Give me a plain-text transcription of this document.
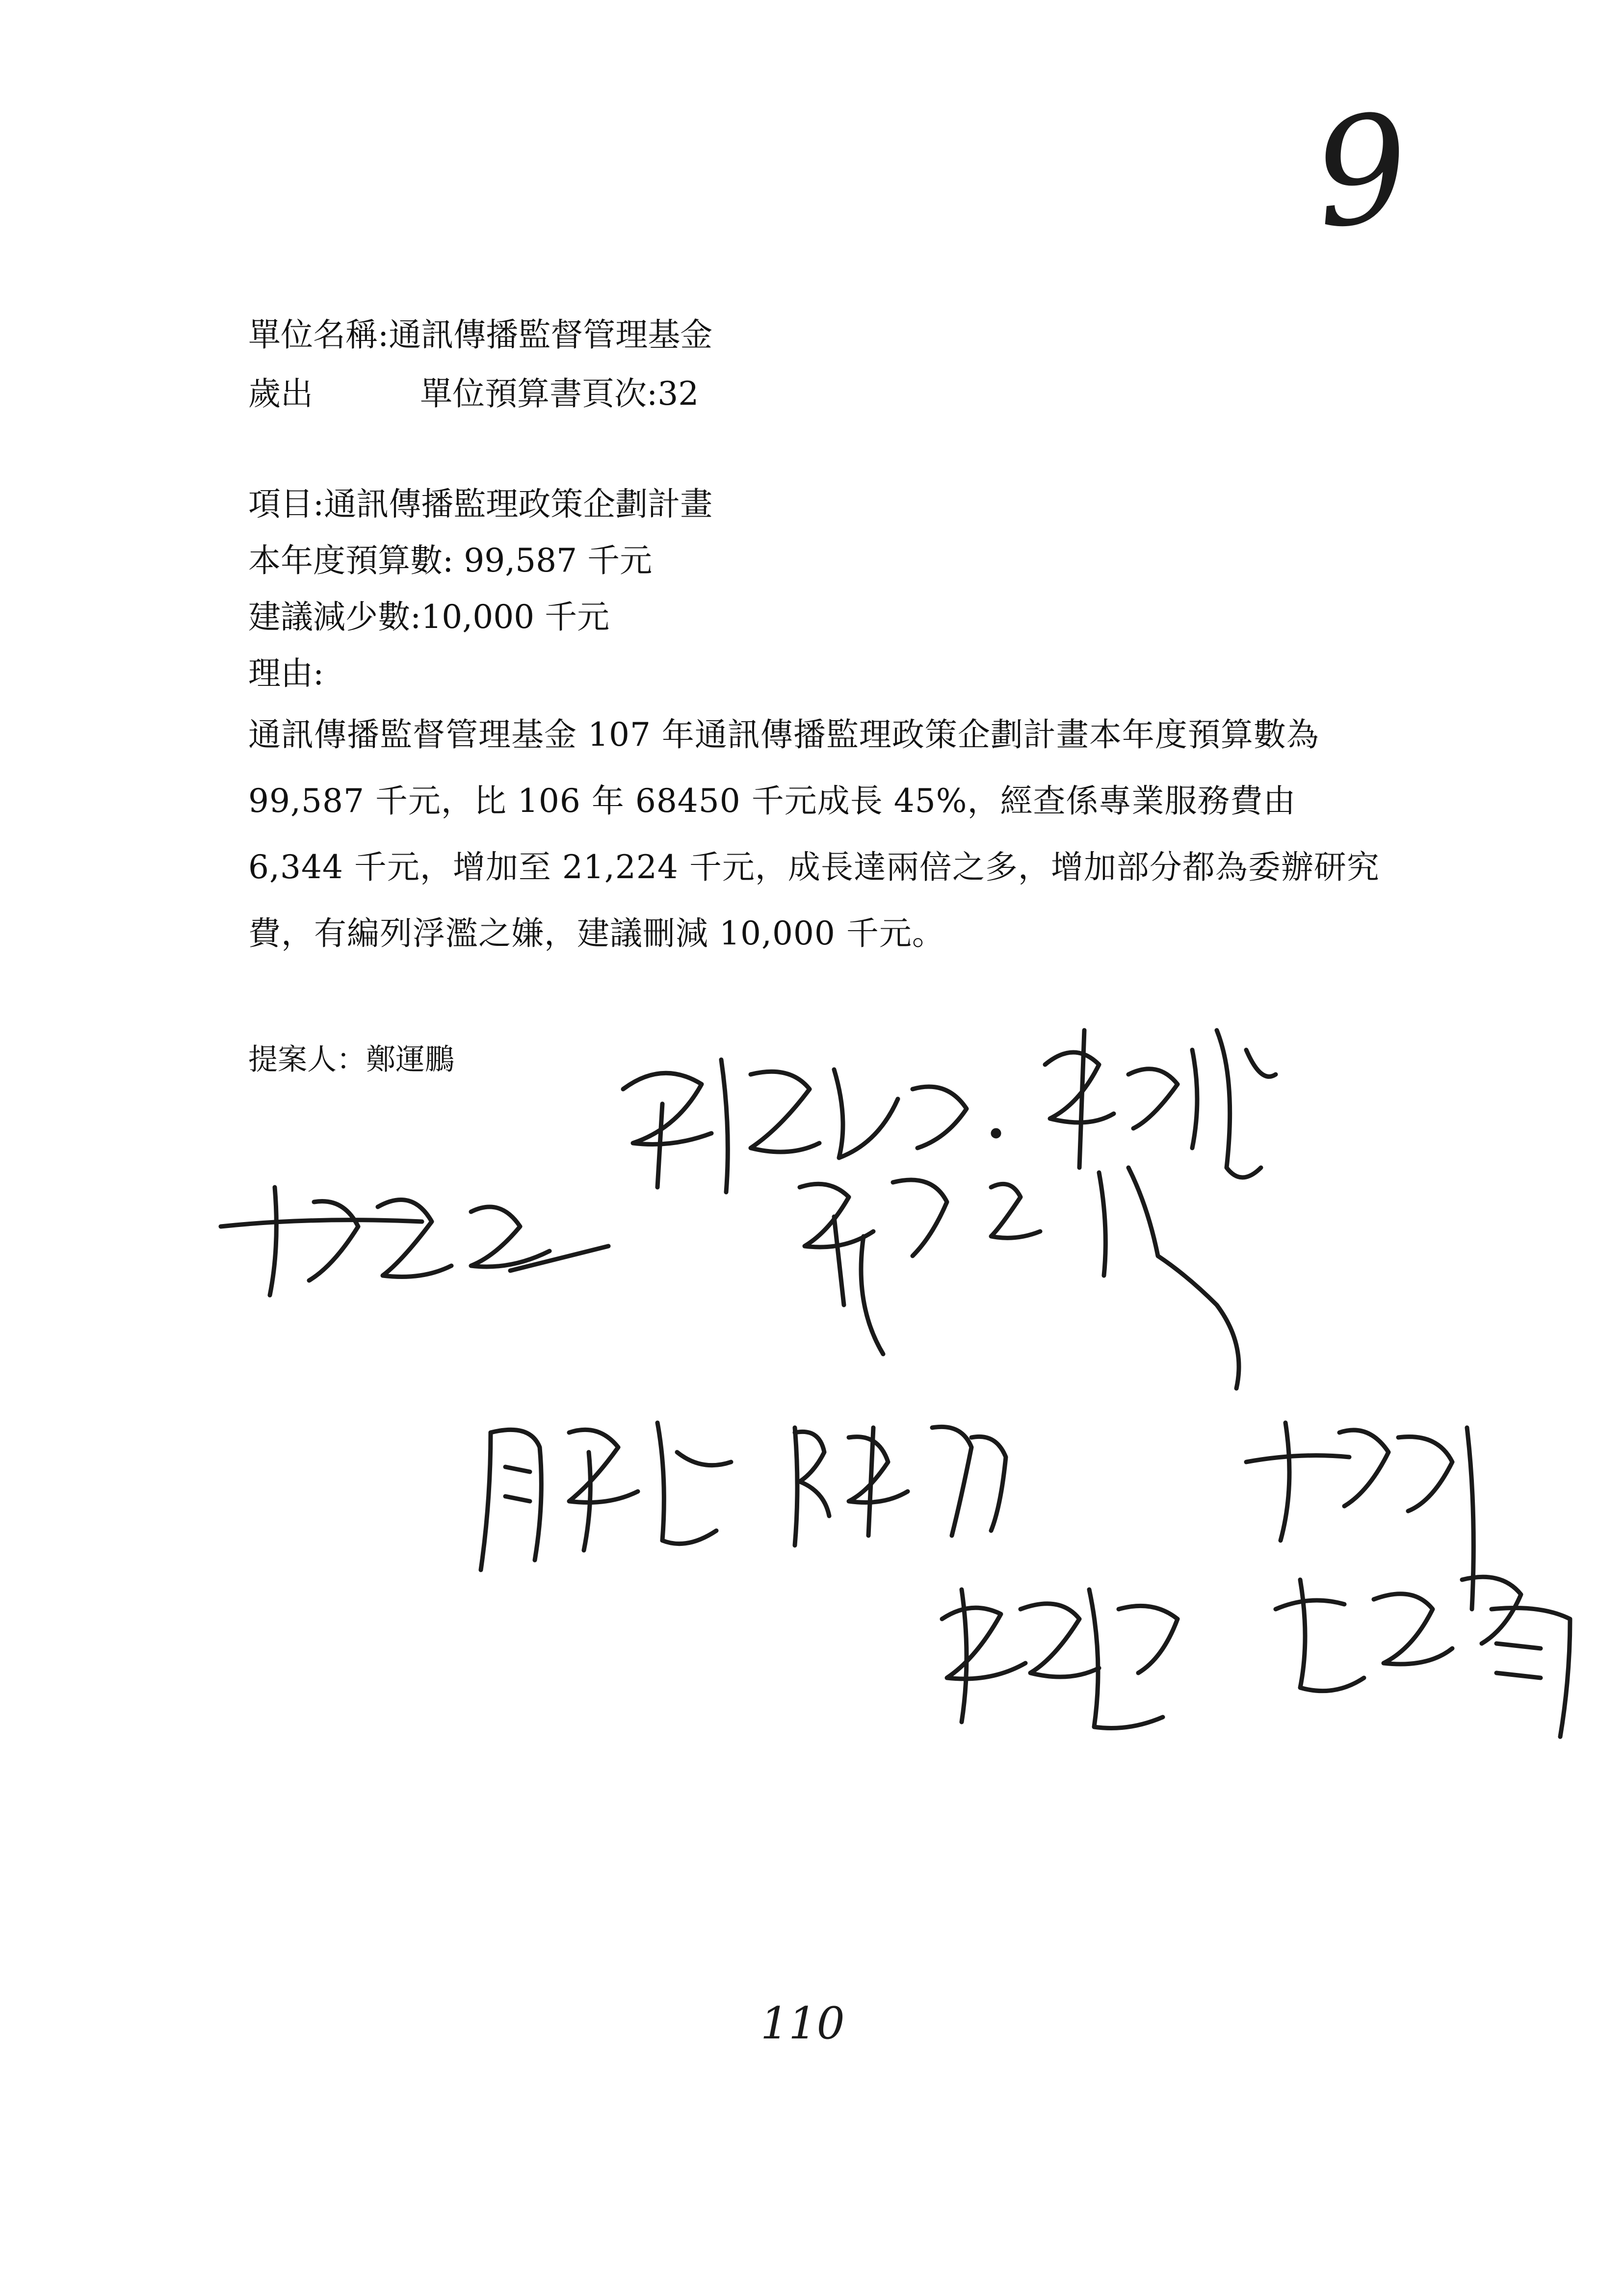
9
單位名稱:通訊傳播監督管理基金
歲出	單位預算書頁次:32
項目:通訊傳播監理政策企劃計畫
本年度預算數: 99,587 千元
建議減少數:10,000 千元
理由:
通訊傳播監督管理基金 107 年通訊傳播監理政策企劃計畫本年度預算數為 99,587 千元，比 106 年 68450 千元成長 45%，經查係專業服務費由 6,344 千元，增加至 21,224 千元，成長達兩倍之多，增加部分都為委辦研究費，有編列浮濫之嫌，建議刪減 10,000 千元。
提案人：鄭運鵬
110
